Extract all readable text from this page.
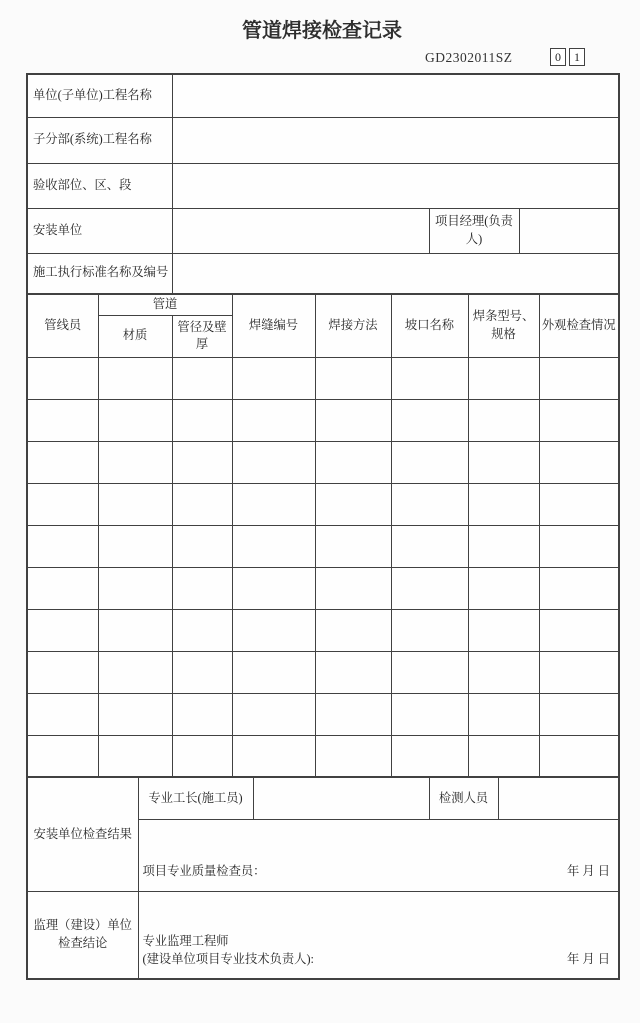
管道焊接检查记录
GD2302011SZ	0	1
单位(子单位)工程名称			
子分部(系统)工程名称			
验收部位、区、段			
安装单位		项目经理(负责人)	
施工执行标准名称及编号			
管线员	管道		焊缝编号	焊接方法	坡口名称	焊条型号、规格	外观检查情况
	材质	管径及壁厚					

安装单位检查结果	专业工长(施工员)		检测人员	

	项目专业质量检查员： 年 月 日			

监理（建设）单位检查结论	专业监理工程师
(建设单位项目专业技术负责人): 年 月 日			
